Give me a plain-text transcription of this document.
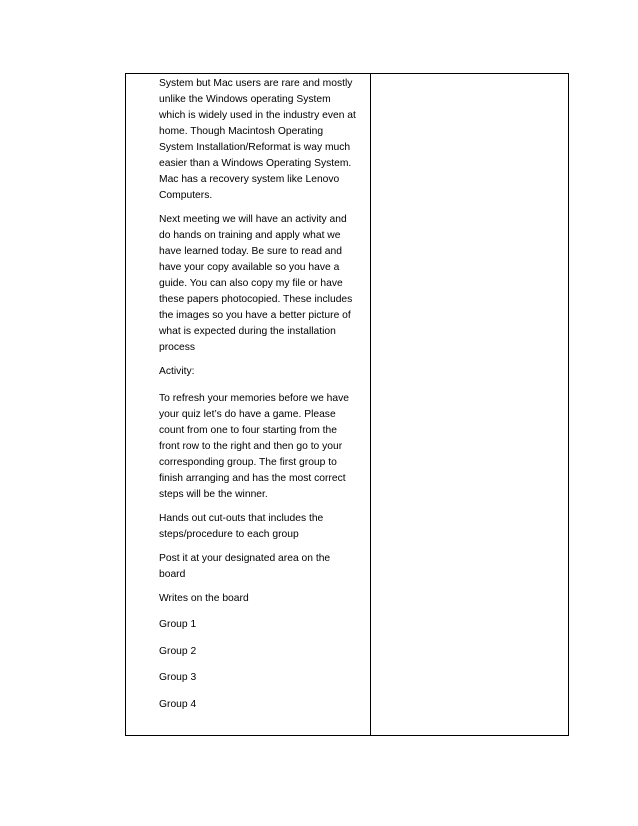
System but Mac users are rare and mostly
unlike the Windows operating System
which is widely used in the industry even at
home. Though Macintosh Operating
System Installation/Reformat is way much
easier than a Windows Operating System.
Mac has a recovery system like Lenovo
Computers.
Next meeting we will have an activity and
do hands on training and apply what we
have learned today. Be sure to read and
have your copy available so you have a
guide. You can also copy my file or have
these papers photocopied. These includes
the images so you have a better picture of
what is expected during the installation
process
Activity:
To refresh your memories before we have
your quiz let’s do have a game. Please
count from one to four starting from the
front row to the right and then go to your
corresponding group. The first group to
finish arranging and has the most correct
steps will be the winner.
Hands out cut-outs that includes the
steps/procedure to each group
Post it at your designated area on the
board
Writes on the board
Group 1
Group 2
Group 3
Group 4
